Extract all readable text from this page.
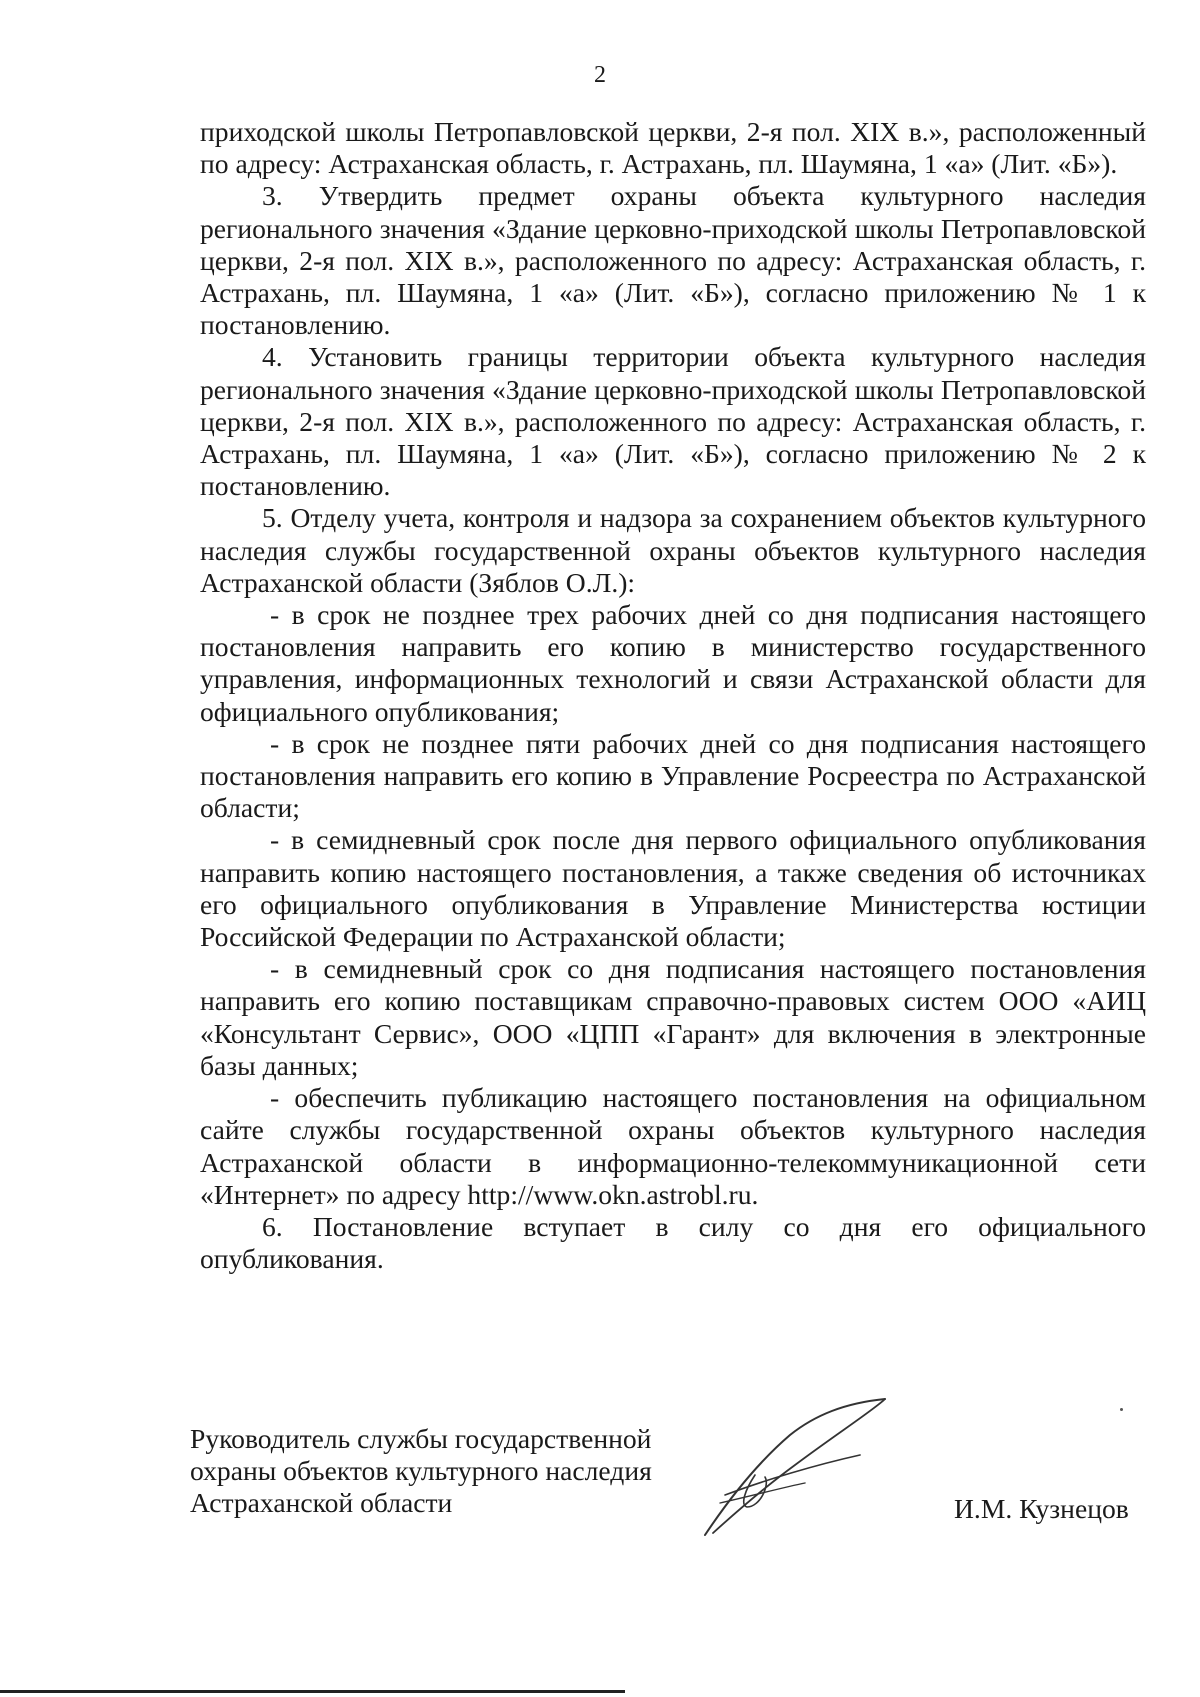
2

приходской школы Петропавловской церкви, 2-я пол. XIX в.», расположенный по адресу: Астраханская область, г. Астрахань, пл. Шаумяна, 1 «а» (Лит. «Б»).

3. Утвердить предмет охраны объекта культурного наследия регионального значения «Здание церковно-приходской школы Петропавловской церкви, 2-я пол. XIX в.», расположенного по адресу: Астраханская область, г. Астрахань, пл. Шаумяна, 1 «а» (Лит. «Б»), согласно приложению № 1 к постановлению.

4. Установить границы территории объекта культурного наследия регионального значения «Здание церковно-приходской школы Петропавловской церкви, 2-я пол. XIX в.», расположенного по адресу: Астраханская область, г. Астрахань, пл. Шаумяна, 1 «а» (Лит. «Б»), согласно приложению № 2 к постановлению.

5. Отделу учета, контроля и надзора за сохранением объектов культурного наследия службы государственной охраны объектов культурного наследия Астраханской области (Зяблов О.Л.):

- в срок не позднее трех рабочих дней со дня подписания настоящего постановления направить его копию в министерство государственного управления, информационных технологий и связи Астраханской области для официального опубликования;

- в срок не позднее пяти рабочих дней со дня подписания настоящего постановления направить его копию в Управление Росреестра по Астраханской области;

- в семидневный срок после дня первого официального опубликования направить копию настоящего постановления, а также сведения об источниках его официального опубликования в Управление Министерства юстиции Российской Федерации по Астраханской области;

- в семидневный срок со дня подписания настоящего постановления направить его копию поставщикам справочно-правовых систем ООО «АИЦ «Консультант Сервис», ООО «ЦПП «Гарант» для включения в электронные базы данных;

- обеспечить публикацию настоящего постановления на официальном сайте службы государственной охраны объектов культурного наследия Астраханской области в информационно-телекоммуникационной сети «Интернет» по адресу http://www.okn.astrobl.ru.

6. Постановление вступает в силу со дня его официального опубликования.

Руководитель службы государственной
охраны объектов культурного наследия
Астраханской области	И.М. Кузнецов
